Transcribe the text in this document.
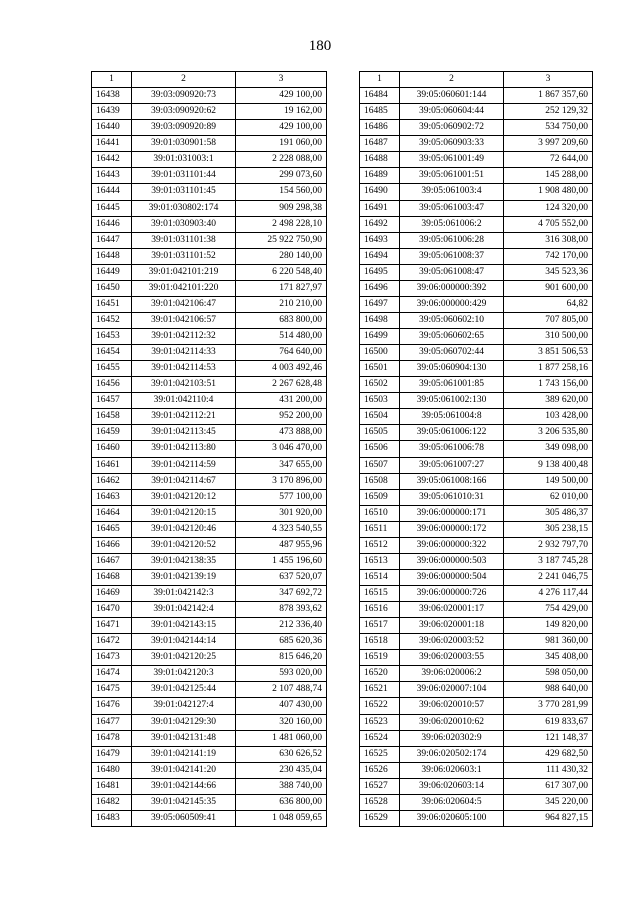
180
1	2	3
16438	39:03:090920:73	429 100,00
16439	39:03:090920:62	19 162,00
16440	39:03:090920:89	429 100,00
16441	39:01:030901:58	191 060,00
16442	39:01:031003:1	2 228 088,00
16443	39:01:031101:44	299 073,60
16444	39:01:031101:45	154 560,00
16445	39:01:030802:174	909 298,38
16446	39:01:030903:40	2 498 228,10
16447	39:01:031101:38	25 922 750,90
16448	39:01:031101:52	280 140,00
16449	39:01:042101:219	6 220 548,40
16450	39:01:042101:220	171 827,97
16451	39:01:042106:47	210 210,00
16452	39:01:042106:57	683 800,00
16453	39:01:042112:32	514 480,00
16454	39:01:042114:33	764 640,00
16455	39:01:042114:53	4 003 492,46
16456	39:01:042103:51	2 267 628,48
16457	39:01:042110:4	431 200,00
16458	39:01:042112:21	952 200,00
16459	39:01:042113:45	473 888,00
16460	39:01:042113:80	3 046 470,00
16461	39:01:042114:59	347 655,00
16462	39:01:042114:67	3 170 896,00
16463	39:01:042120:12	577 100,00
16464	39:01:042120:15	301 920,00
16465	39:01:042120:46	4 323 540,55
16466	39:01:042120:52	487 955,96
16467	39:01:042138:35	1 455 196,60
16468	39:01:042139:19	637 520,07
16469	39:01:042142:3	347 692,72
16470	39:01:042142:4	878 393,62
16471	39:01:042143:15	212 336,40
16472	39:01:042144:14	685 620,36
16473	39:01:042120:25	815 646,20
16474	39:01:042120:3	593 020,00
16475	39:01:042125:44	2 107 488,74
16476	39:01:042127:4	407 430,00
16477	39:01:042129:30	320 160,00
16478	39:01:042131:48	1 481 060,00
16479	39:01:042141:19	630 626,52
16480	39:01:042141:20	230 435,04
16481	39:01:042144:66	388 740,00
16482	39:01:042145:35	636 800,00
16483	39:05:060509:41	1 048 059,65
1	2	3
16484	39:05:060601:144	1 867 357,60
16485	39:05:060604:44	252 129,32
16486	39:05:060902:72	534 750,00
16487	39:05:060903:33	3 997 209,60
16488	39:05:061001:49	72 644,00
16489	39:05:061001:51	145 288,00
16490	39:05:061003:4	1 908 480,00
16491	39:05:061003:47	124 320,00
16492	39:05:061006:2	4 705 552,00
16493	39:05:061006:28	316 308,00
16494	39:05:061008:37	742 170,00
16495	39:05:061008:47	345 523,36
16496	39:06:000000:392	901 600,00
16497	39:06:000000:429	64,82
16498	39:05:060602:10	707 805,00
16499	39:05:060602:65	310 500,00
16500	39:05:060702:44	3 851 506,53
16501	39:05:060904:130	1 877 258,16
16502	39:05:061001:85	1 743 156,00
16503	39:05:061002:130	389 620,00
16504	39:05:061004:8	103 428,00
16505	39:05:061006:122	3 206 535,80
16506	39:05:061006:78	349 098,00
16507	39:05:061007:27	9 138 400,48
16508	39:05:061008:166	149 500,00
16509	39:05:061010:31	62 010,00
16510	39:06:000000:171	305 486,37
16511	39:06:000000:172	305 238,15
16512	39:06:000000:322	2 932 797,70
16513	39:06:000000:503	3 187 745,28
16514	39:06:000000:504	2 241 046,75
16515	39:06:000000:726	4 276 117,44
16516	39:06:020001:17	754 429,00
16517	39:06:020001:18	149 820,00
16518	39:06:020003:52	981 360,00
16519	39:06:020003:55	345 408,00
16520	39:06:020006:2	598 050,00
16521	39:06:020007:104	988 640,00
16522	39:06:020010:57	3 770 281,99
16523	39:06:020010:62	619 833,67
16524	39:06:020302:9	121 148,37
16525	39:06:020502:174	429 682,50
16526	39:06:020603:1	111 430,32
16527	39:06:020603:14	617 307,00
16528	39:06:020604:5	345 220,00
16529	39:06:020605:100	964 827,15
